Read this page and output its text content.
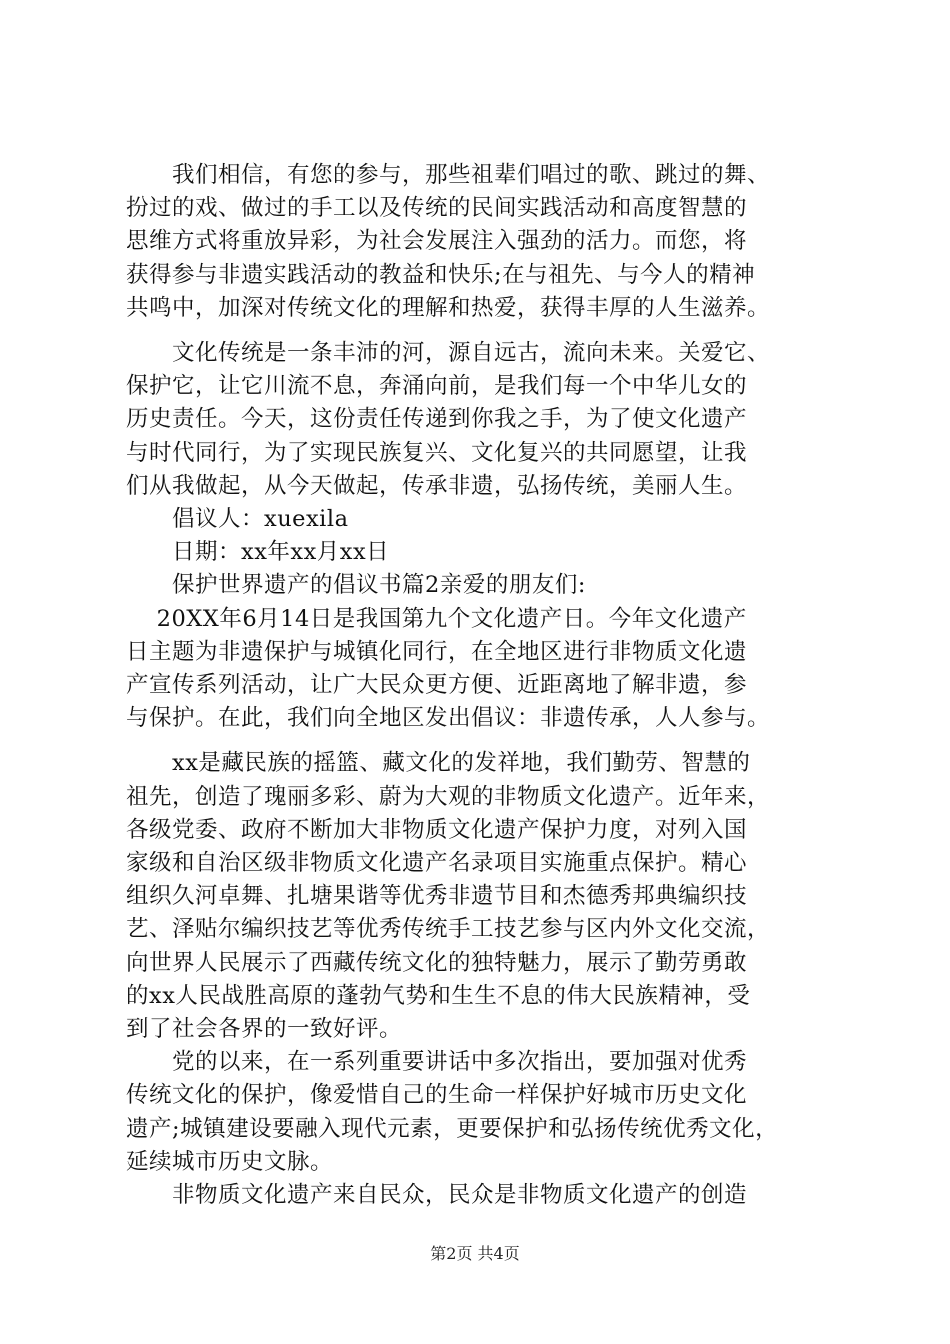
　　我们相信，有您的参与，那些祖辈们唱过的歌、跳过的舞、
扮过的戏、做过的手工以及传统的民间实践活动和高度智慧的
思维方式将重放异彩，为社会发展注入强劲的活力。而您，将
获得参与非遗实践活动的教益和快乐;在与祖先、与今人的精神
共鸣中，加深对传统文化的理解和热爱，获得丰厚的人生滋养。
　　文化传统是一条丰沛的河，源自远古，流向未来。关爱它、
保护它，让它川流不息，奔涌向前，是我们每一个中华儿女的
历史责任。今天，这份责任传递到你我之手，为了使文化遗产
与时代同行，为了实现民族复兴、文化复兴的共同愿望，让我
们从我做起，从今天做起，传承非遗，弘扬传统，美丽人生。
　　倡议人：xuexila
　　日期：xx年xx月xx日
　　保护世界遗产的倡议书篇2亲爱的朋友们:
　 20XX年6月14日是我国第九个文化遗产日。今年文化遗产
日主题为非遗保护与城镇化同行，在全地区进行非物质文化遗
产宣传系列活动，让广大民众更方便、近距离地了解非遗，参
与保护。在此，我们向全地区发出倡议：非遗传承，人人参与。
　　xx是藏民族的摇篮、藏文化的发祥地，我们勤劳、智慧的
祖先，创造了瑰丽多彩、蔚为大观的非物质文化遗产。近年来，
各级党委、政府不断加大非物质文化遗产保护力度，对列入国
家级和自治区级非物质文化遗产名录项目实施重点保护。精心
组织久河卓舞、扎塘果谐等优秀非遗节目和杰德秀邦典编织技
艺、泽贴尔编织技艺等优秀传统手工技艺参与区内外文化交流，
向世界人民展示了西藏传统文化的独特魅力，展示了勤劳勇敢
的xx人民战胜高原的蓬勃气势和生生不息的伟大民族精神，受
到了社会各界的一致好评。
　　党的以来，在一系列重要讲话中多次指出，要加强对优秀
传统文化的保护，像爱惜自己的生命一样保护好城市历史文化
遗产;城镇建设要融入现代元素，更要保护和弘扬传统优秀文化，
延续城市历史文脉。
　　非物质文化遗产来自民众，民众是非物质文化遗产的创造
第2页 共4页
